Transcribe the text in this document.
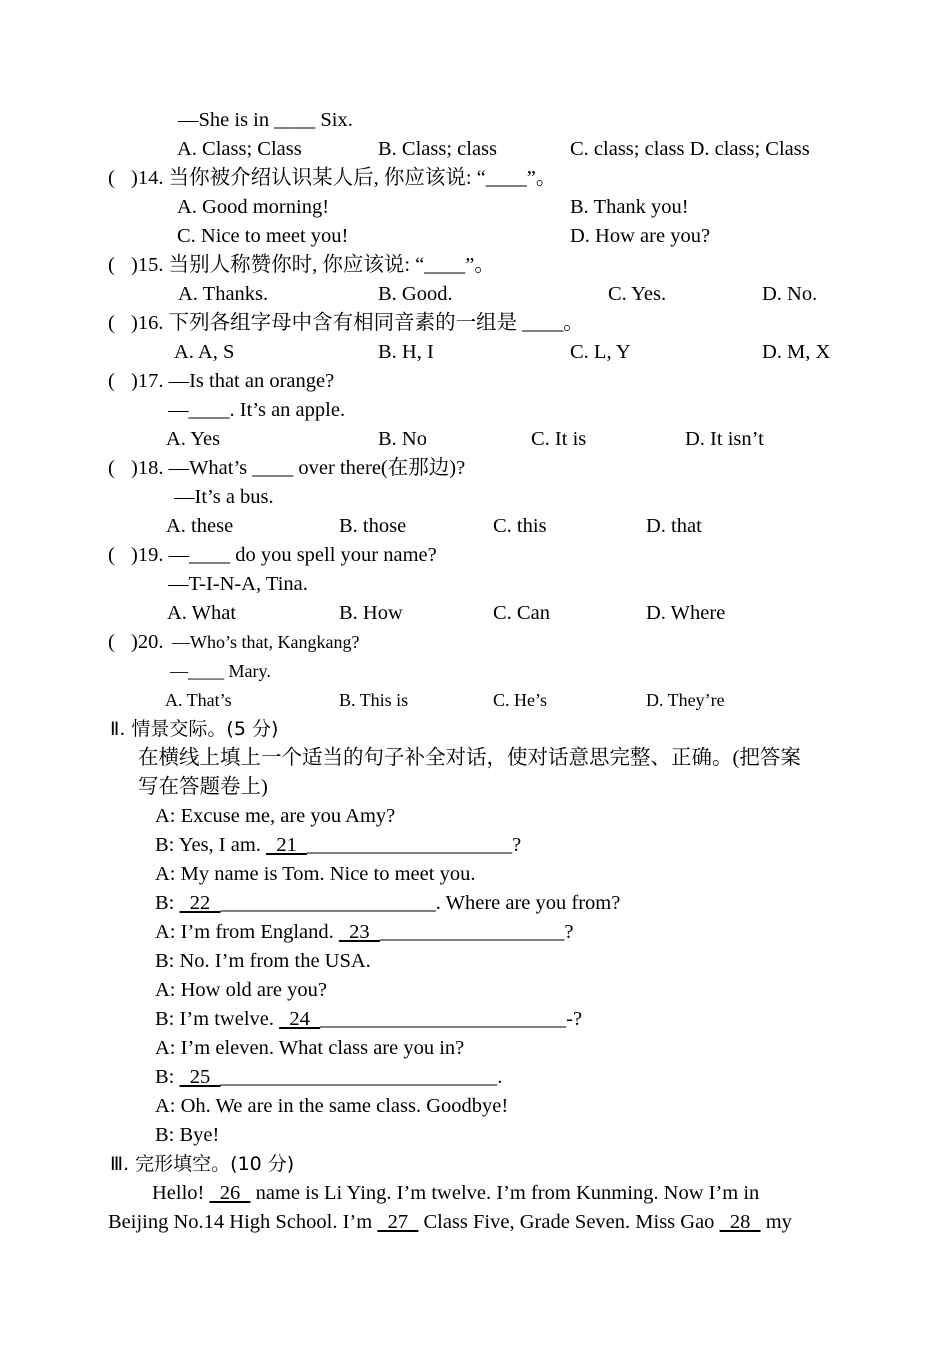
—She is in ____ Six.
A. Class; Class	B. Class; class	C. class; class D. class; Class
( )14. 当你被介绍认识某人后, 你应该说: “____”。
A. Good morning!	B. Thank you!
C. Nice to meet you!	D. How are you?
( )15. 当别人称赞你时, 你应该说: “____”。
A. Thanks.	B. Good.	C. Yes.	D. No.
( )16. 下列各组字母中含有相同音素的一组是 ____。
A. A, S	B. H, I	C. L, Y	D. M, X
( )17. —Is that an orange?
—____. It’s an apple.
A. Yes	B. No	C. It is	D. It isn’t
( )18. —What’s ____ over there(在那边)?
—It’s a bus.
A. these	B. those	C. this	D. that
( )19. —____ do you spell your name?
—T-I-N-A, Tina.
A. What	B. How	C. Can	D. Where
( )20. —Who’s that, Kangkang?
—____ Mary.
A. That’s	B. This is	C. He’s	D. They’re
Ⅱ. 情景交际。(5 分)
在横线上填上一个适当的句子补全对话，使对话意思完整、正确。(把答案
写在答题卷上)
A: Excuse me, are you Amy?
B: Yes, I am.   21  ____________________?
A: My name is Tom. Nice to meet you.
B:   22  _____________________. Where are you from?
A: I’m from England.   23  __________________?
B: No. I’m from the USA.
A: How old are you?
B: I’m twelve.   24  ________________________-?
A: I’m eleven. What class are you in?
B:   25  ___________________________.
A: Oh. We are in the same class. Goodbye!
B: Bye!
Ⅲ. 完形填空。(10 分)
Hello!   26   name is Li Ying. I’m twelve. I’m from Kunming. Now I’m in
Beijing No.14 High School. I’m   27   Class Five, Grade Seven. Miss Gao   28   my
